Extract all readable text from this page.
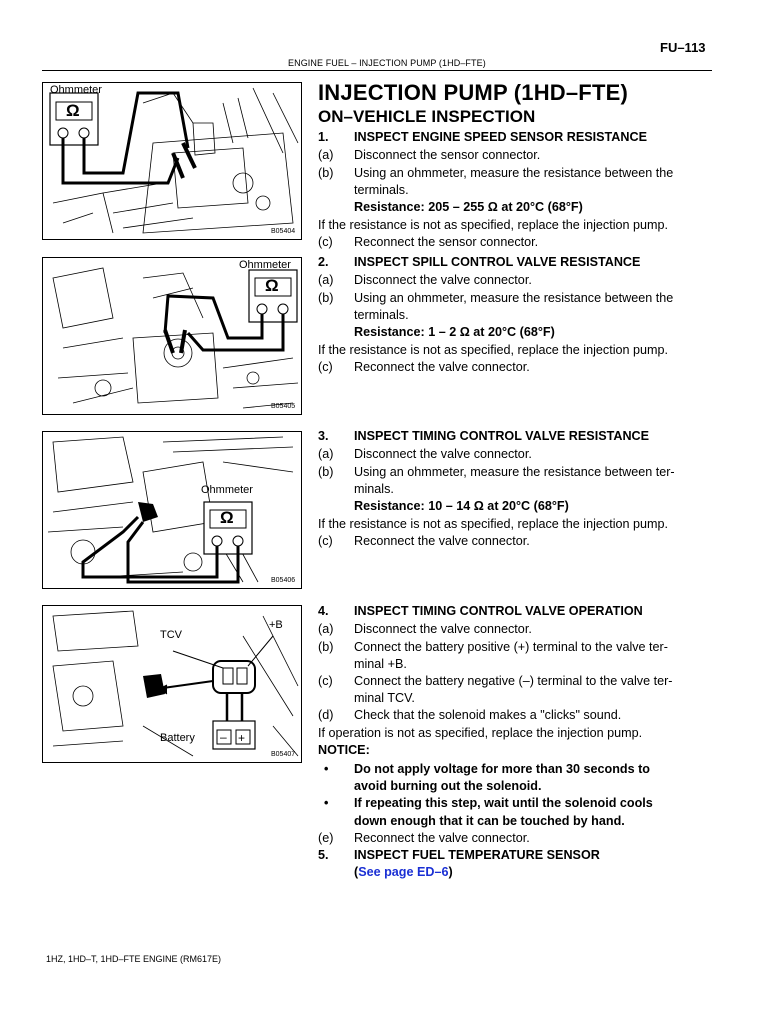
FU–113
ENGINE FUEL – INJECTION PUMP (1HD–FTE)
Ohmmeter
Ω
B05404
Ohmmeter
Ω
B05405
Ohmmeter
Ω
B05406
– +
TCV
+B
Battery
B05407
INJECTION PUMP (1HD–FTE)
ON–VEHICLE INSPECTION
1. INSPECT ENGINE SPEED SENSOR RESISTANCE
(a) Disconnect the sensor connector.
(b) Using an ohmmeter, measure the resistance between the
terminals.
Resistance: 205 – 255 Ω at 20°C (68°F)
If the resistance is not as specified, replace the injection pump.
(c) Reconnect the sensor connector.
2. INSPECT SPILL CONTROL VALVE RESISTANCE
(a) Disconnect the valve connector.
(b) Using an ohmmeter, measure the resistance between the
terminals.
Resistance: 1 – 2 Ω at 20°C (68°F)
If the resistance is not as specified, replace the injection pump.
(c) Reconnect the valve connector.
3. INSPECT TIMING CONTROL VALVE RESISTANCE
(a) Disconnect the valve connector.
(b) Using an ohmmeter, measure the resistance between ter-
minals.
Resistance: 10 – 14 Ω at 20°C (68°F)
If the resistance is not as specified, replace the injection pump.
(c) Reconnect the valve connector.
4. INSPECT TIMING CONTROL VALVE OPERATION
(a) Disconnect the valve connector.
(b) Connect the battery positive (+) terminal to the valve ter-
minal +B.
(c) Connect the battery negative (–) terminal to the valve ter-
minal TCV.
(d) Check that the solenoid makes a "clicks" sound.
If operation is not as specified, replace the injection pump.
NOTICE:
• Do not apply voltage for more than 30 seconds to
avoid burning out the solenoid.
• If repeating this step, wait until the solenoid cools
down enough that it can be touched by hand.
(e) Reconnect the valve connector.
5. INSPECT FUEL TEMPERATURE SENSOR
(See page ED–6)
1HZ, 1HD–T, 1HD–FTE ENGINE (RM617E)
